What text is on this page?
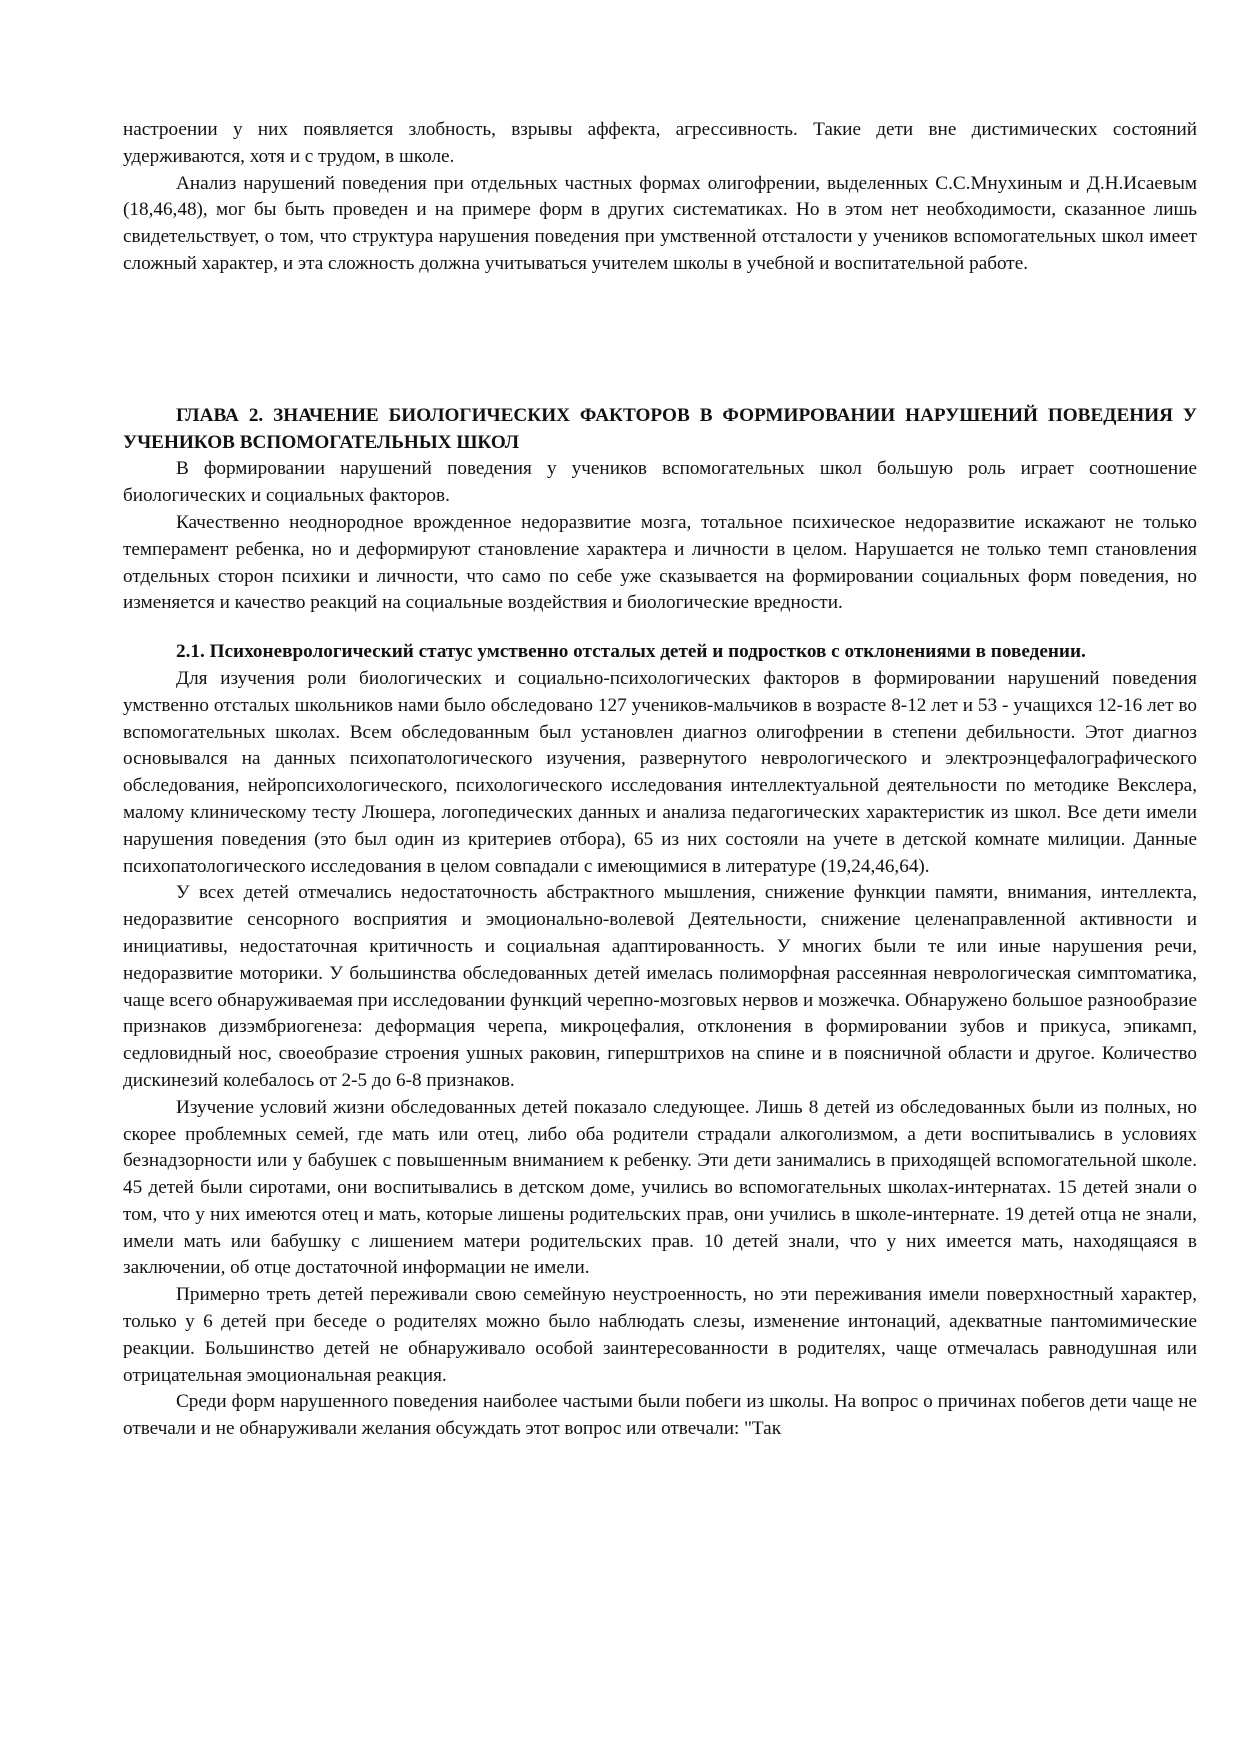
настроении у них появляется злобность, взрывы аффекта, агрессивность. Такие дети вне дистимических состояний удерживаются, хотя и с трудом, в школе.

Анализ нарушений поведения при отдельных частных формах олигофрении, выделенных С.С.Мнухиным и Д.Н.Исаевым (18,46,48), мог бы быть проведен и на примере форм в других систематиках. Но в этом нет необходимости, сказанное лишь свидетельствует, о том, что структура нарушения поведения при умственной отсталости у учеников вспомогательных школ имеет сложный характер, и эта сложность должна учитываться учителем школы в учебной и воспитательной работе.

ГЛАВА 2. ЗНАЧЕНИЕ БИОЛОГИЧЕСКИХ ФАКТОРОВ В ФОРМИРОВАНИИ НАРУШЕНИЙ ПОВЕДЕНИЯ У УЧЕНИКОВ ВСПОМОГАТЕЛЬНЫХ ШКОЛ

В формировании нарушений поведения у учеников вспомогательных школ большую роль играет соотношение биологических и социальных факторов.

Качественно неоднородное врожденное недоразвитие мозга, тотальное психическое недоразвитие искажают не только темперамент ребенка, но и деформируют становление характера и личности в целом. Нарушается не только темп становления отдельных сторон психики и личности, что само по себе уже сказывается на формировании социальных форм поведения, но изменяется и качество реакций на социальные воздействия и биологические вредности.

2.1. Психоневрологический статус умственно отсталых детей и подростков с отклонениями в поведении.

Для изучения роли биологических и социально-психологических факторов в формировании нарушений поведения умственно отсталых школьников нами было обследовано 127 учеников-мальчиков в возрасте 8-12 лет и 53 - учащихся 12-16 лет во вспомогательных школах. Всем обследованным был установлен диагноз олигофрении в степени дебильности. Этот диагноз основывался на данных психопатологического изучения, развернутого неврологического и электроэнцефалографического обследования, нейропсихологического, психологического исследования интеллектуальной деятельности по методике Векслера, малому клиническому тесту Люшера, логопедических данных и анализа педагогических характеристик из школ. Все дети имели нарушения поведения (это был один из критериев отбора), 65 из них состояли на учете в детской комнате милиции. Данные психопатологического исследования в целом совпадали с имеющимися в литературе (19,24,46,64).

У всех детей отмечались недостаточность абстрактного мышления, снижение функции памяти, внимания, интеллекта, недоразвитие сенсорного восприятия и эмоционально-волевой Деятельности, снижение целенаправленной активности и инициативы, недостаточная критичность и социальная адаптированность. У многих были те или иные нарушения речи, недоразвитие моторики. У большинства обследованных детей имелась полиморфная рассеянная неврологическая симптоматика, чаще всего обнаруживаемая при исследовании функций черепно-мозговых нервов и мозжечка. Обнаружено большое разнообразие признаков дизэмбриогенеза: деформация черепа, микроцефалия, отклонения в формировании зубов и прикуса, эпикамп, седловидный нос, своеобразие строения ушных раковин, гиперштрихов на спине и в поясничной области и другое. Количество дискинезий колебалось от 2-5 до 6-8 признаков.

Изучение условий жизни обследованных детей показало следующее. Лишь 8 детей из обследованных были из полных, но скорее проблемных семей, где мать или отец, либо оба родители страдали алкоголизмом, а дети воспитывались в условиях безнадзорности или у бабушек с повышенным вниманием к ребенку. Эти дети занимались в приходящей вспомогательной школе. 45 детей были сиротами, они воспитывались в детском доме, учились во вспомогательных школах-интернатах. 15 детей знали о том, что у них имеются отец и мать, которые лишены родительских прав, они учились в школе-интернате. 19 детей отца не знали, имели мать или бабушку с лишением матери родительских прав. 10 детей знали, что у них имеется мать, находящаяся в заключении, об отце достаточной информации не имели.

Примерно треть детей переживали свою семейную неустроенность, но эти переживания имели поверхностный характер, только у 6 детей при беседе о родителях можно было наблюдать слезы, изменение интонаций, адекватные пантомимические реакции. Большинство детей не обнаруживало особой заинтересованности в родителях, чаще отмечалась равнодушная или отрицательная эмоциональная реакция.

Среди форм нарушенного поведения наиболее частыми были побеги из школы. На вопрос о причинах побегов дети чаще не отвечали и не обнаруживали желания обсуждать этот вопрос или отвечали: "Так
